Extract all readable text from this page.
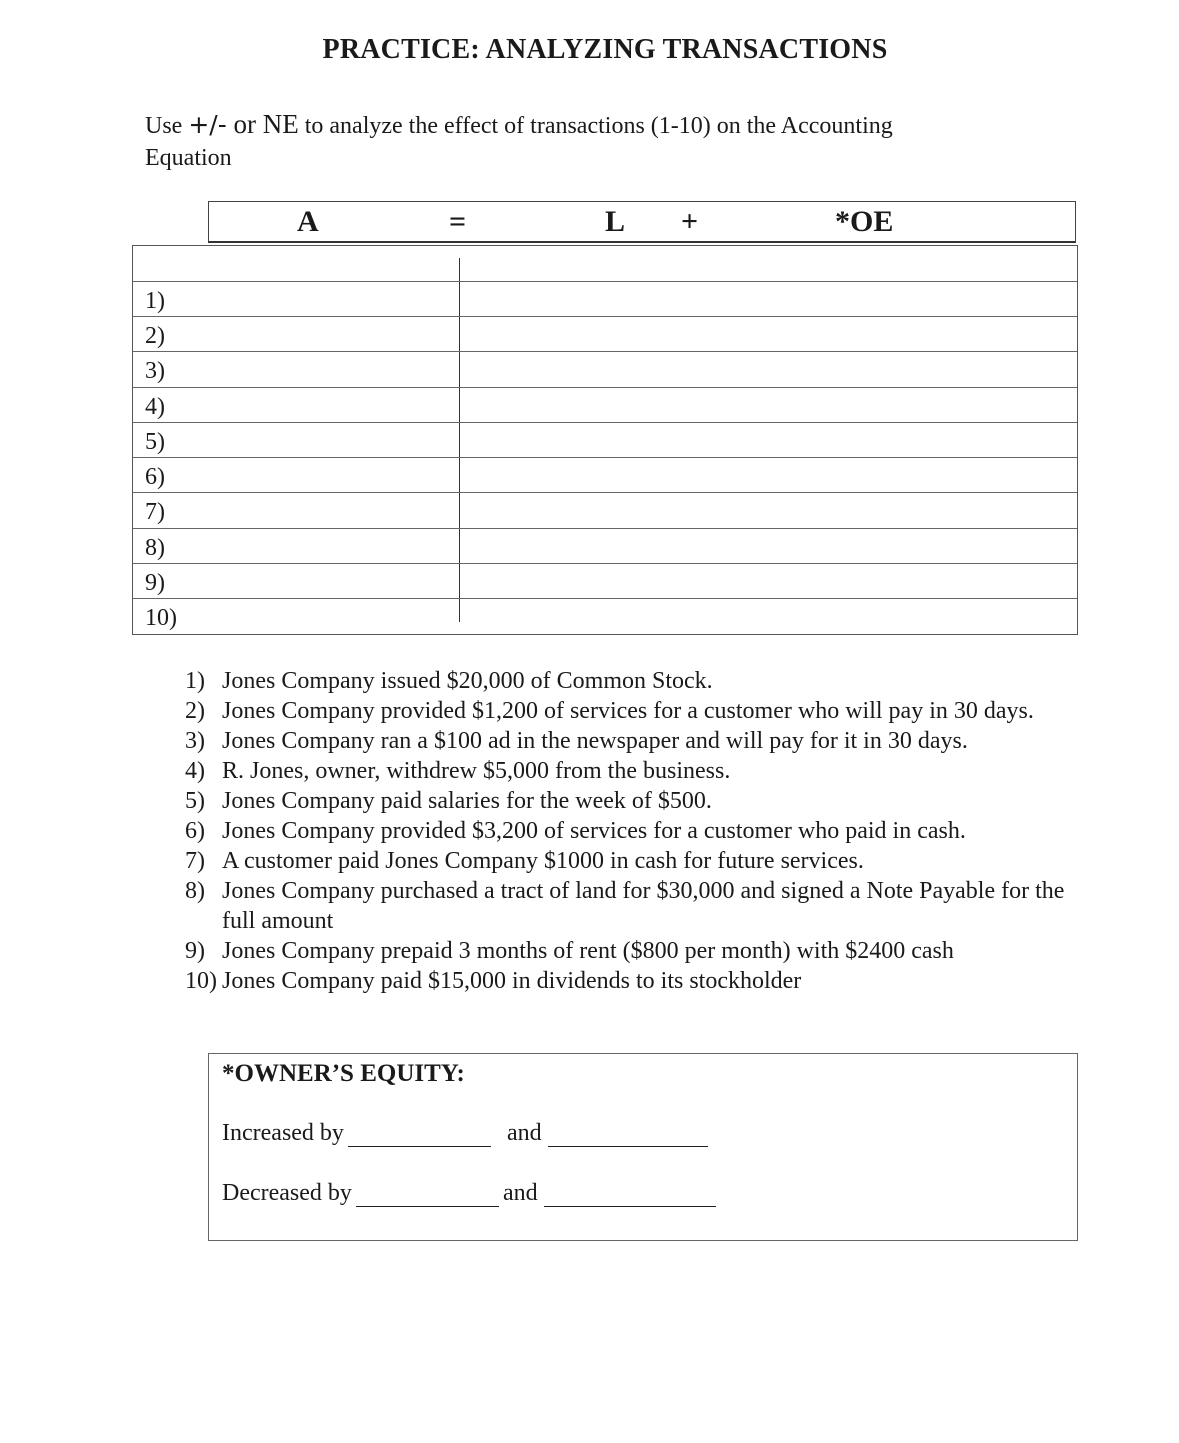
PRACTICE: ANALYZING TRANSACTIONS
Use +/- or NE to analyze the effect of transactions (1-10) on the Accounting
Equation
A	=	L +	*OE
1)
2)
3)
4)
5)
6)
7)
8)
9)
10)
1) Jones Company issued $20,000 of Common Stock.
2) Jones Company provided $1,200 of services for a customer who will pay in 30 days.
3) Jones Company ran a $100 ad in the newspaper and will pay for it in 30 days.
4) R. Jones, owner, withdrew $5,000 from the business.
5) Jones Company paid salaries for the week of $500.
6) Jones Company provided $3,200 of services for a customer who paid in cash.
7) A customer paid Jones Company $1000 in cash for future services.
8) Jones Company purchased a tract of land for $30,000 and signed a Note Payable for the full amount
9) Jones Company prepaid 3 months of rent ($800 per month) with $2400 cash
10) Jones Company paid $15,000 in dividends to its stockholder
*OWNER’S EQUITY:
Increased by	and
Decreased by	and
